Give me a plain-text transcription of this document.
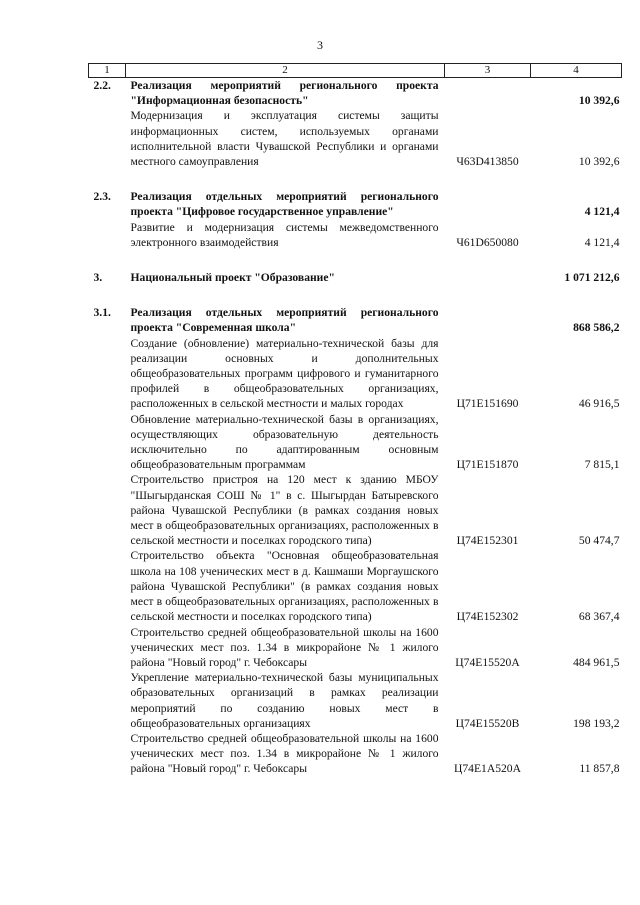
3
1	2	3	4
2.2.	Реализация мероприятий регионального проекта "Информационная безопасность"		10 392,6
	Модернизация и эксплуатация системы защиты информационных систем, используемых органами исполнительной власти Чувашской Республики и органами местного самоуправления	Ч63D413850	10 392,6

2.3.	Реализация отдельных мероприятий регионального проекта "Цифровое государственное управление"		4 121,4
	Развитие и модернизация системы межведомственного электронного взаимодействия	Ч61D650080	4 121,4

3.	Национальный проект "Образование"		1 071 212,6

3.1.	Реализация отдельных мероприятий регионального проекта "Современная школа"		868 586,2
	Создание (обновление) материально-технической базы для реализации основных и дополнительных общеобразовательных программ цифрового и гуманитарного профилей в общеобразовательных организациях, расположенных в сельской местности и малых городах	Ц71Е151690	46 916,5
	Обновление материально-технической базы в организациях, осуществляющих образовательную деятельность исключительно по адаптированным основным общеобразовательным программам	Ц71Е151870	7 815,1
	Строительство пристроя на 120 мест к зданию МБОУ "Шыгырданская СОШ № 1" в с. Шыгырдан Батыревского района Чувашской Республики (в рамках создания новых мест в общеобразовательных организациях, расположенных в сельской местности и поселках городского типа)	Ц74Е152301	50 474,7
	Строительство объекта "Основная общеобразовательная школа на 108 ученических мест в д. Кашмаши Моргаушского района Чувашской Республики" (в рамках создания новых мест в общеобразовательных организациях, расположенных в сельской местности и поселках городского типа)	Ц74Е152302	68 367,4
	Строительство средней общеобразовательной школы на 1600 ученических мест поз. 1.34 в микрорайоне № 1 жилого района "Новый город" г. Чебоксары	Ц74Е15520А	484 961,5
	Укрепление материально-технической базы муниципальных образовательных организаций в рамках реализации мероприятий по созданию новых мест в общеобразовательных организациях	Ц74Е15520В	198 193,2
	Строительство средней общеобразовательной школы на 1600 ученических мест поз. 1.34 в микрорайоне № 1 жилого района "Новый город" г. Чебоксары	Ц74Е1А520А	11 857,8
